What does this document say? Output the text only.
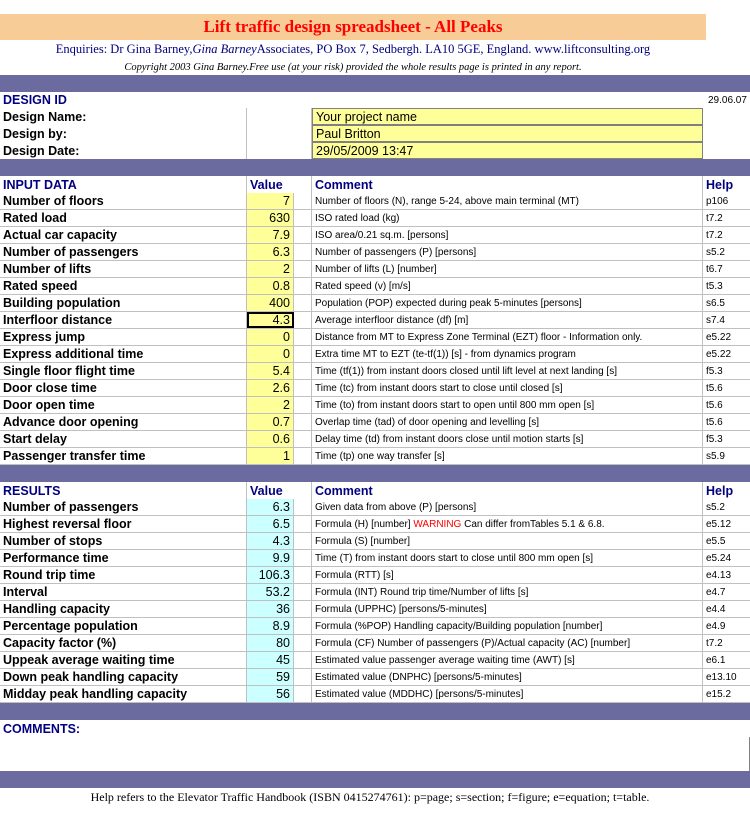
Lift traffic design spreadsheet - All Peaks
Enquiries: Dr Gina Barney, Gina Barney Associates, PO Box 7, Sedbergh. LA10 5GE, England. www.liftconsulting.org
Copyright 2003 Gina Barney.Free use (at your risk) provided the whole results page is printed in any report.
DESIGN ID	29.06.07
Design Name:	Your project name
Design by:	Paul Britton
Design Date:	29/05/2009 13:47
INPUT DATA	Value	Comment	Help
Number of floors	7	Number of floors (N), range 5-24, above main terminal (MT)	p106
Rated load	630	ISO rated load (kg)	t7.2
Actual car capacity	7.9	ISO area/0.21 sq.m. [persons]	t7.2
Number of passengers	6.3	Number of passengers (P) [persons]	s5.2
Number of lifts	2	Number of lifts (L) [number]	t6.7
Rated speed	0.8	Rated speed (v) [m/s]	t5.3
Building population	400	Population (POP) expected during peak 5-minutes [persons]	s6.5
Interfloor distance	4.3	Average interfloor distance (df) [m]	s7.4
Express jump	0	Distance from MT to Express Zone Terminal (EZT) floor - Information only.	e5.22
Express additional time	0	Extra time MT to EZT (te-tf(1)) [s] - from dynamics program	e5.22
Single floor flight time	5.4	Time (tf(1)) from instant doors closed until lift level at next landing [s]	f5.3
Door close time	2.6	Time (tc) from instant doors start to close until closed [s]	t5.6
Door open time	2	Time (to) from instant doors start to open until 800 mm open [s]	t5.6
Advance door opening	0.7	Overlap time (tad) of door opening and levelling [s]	t5.6
Start delay	0.6	Delay time (td) from instant doors close until motion starts [s]	f5.3
Passenger transfer time	1	Time (tp) one way transfer [s]	s5.9
RESULTS	Value	Comment	Help
Number of passengers	6.3	Given data from above (P) [persons]	s5.2
Highest reversal floor	6.5	Formula (H) [number] WARNING Can differ fromTables 5.1 & 6.8.	e5.12
Number of stops	4.3	Formula (S) [number]	e5.5
Performance time	9.9	Time (T) from instant doors start to close until 800 mm open [s]	e5.24
Round trip time	106.3	Formula (RTT) [s]	e4.13
Interval	53.2	Formula (INT) Round trip time/Number of lifts [s]	e4.7
Handling capacity	36	Formula (UPPHC) [persons/5-minutes]	e4.4
Percentage population	8.9	Formula (%POP) Handling capacity/Building population [number]	e4.9
Capacity factor (%)	80	Formula (CF) Number of passengers (P)/Actual capacity (AC) [number]	t7.2
Uppeak average waiting time	45	Estimated value passenger average waiting time (AWT) [s]	e6.1
Down peak handling capacity	59	Estimated value (DNPHC) [persons/5-minutes]	e13.10
Midday peak handling capacity	56	Estimated value (MDDHC) [persons/5-minutes]	e15.2
COMMENTS:
Help refers to the Elevator Traffic Handbook (ISBN 0415274761): p=page; s=section; f=figure; e=equation; t=table.
